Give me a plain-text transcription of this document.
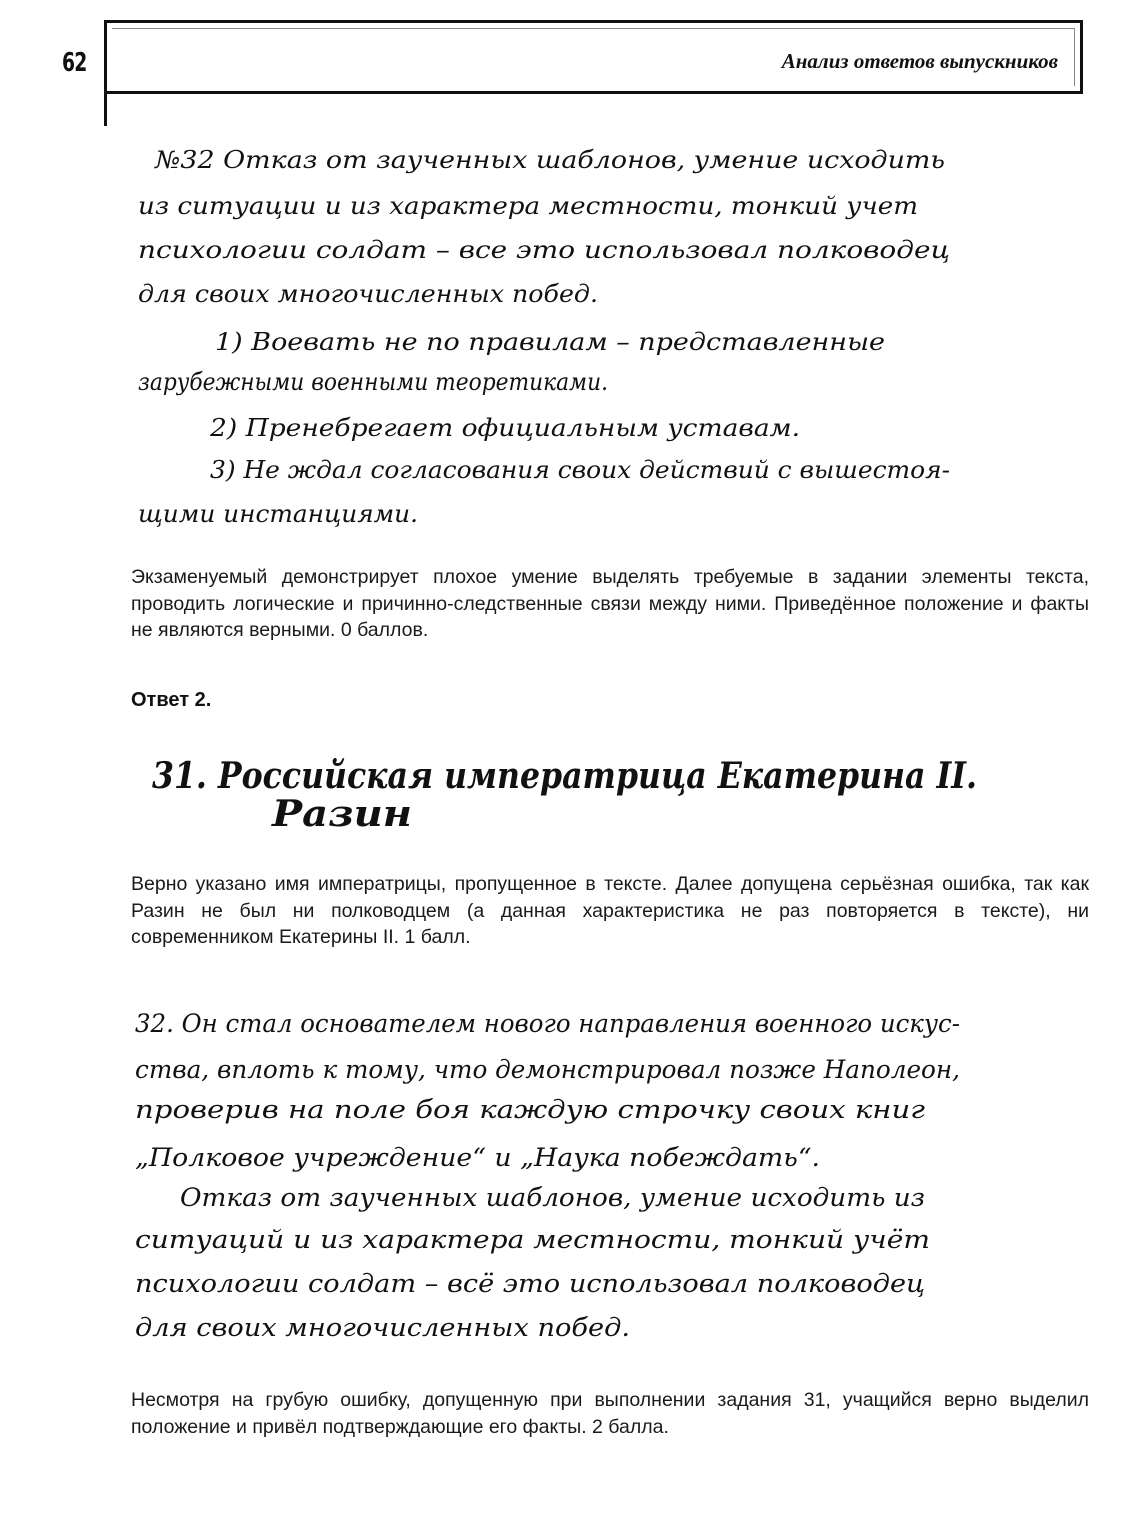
62	Анализ ответов выпускников
№32 Отказ от заученных шаблонов, умение исходить
из ситуации и из характера местности, тонкий учет
психологии солдат – все это использовал полководец
для своих многочисленных побед.
1) Воевать не по правилам – представленные
зарубежными военными теоретиками.
2) Пренебрегает официальным уставам.
3) Не ждал согласования своих действий с вышестоя-
щими инстанциями.
31. Российская императрица Екатерина II.
Разин
32. Он стал основателем нового направления военного искус-
ства, вплоть к тому, что демонстрировал позже Наполеон,
проверив на поле боя каждую строчку своих книг
„Полковое учреждение“ и „Наука побеждать“.
Отказ от заученных шаблонов, умение исходить из
ситуаций и из характера местности, тонкий учёт
психологии солдат – всё это использовал полководец
для своих многочисленных побед.

Экзаменуемый демонстрирует плохое умение выделять требуемые в задании элементы текста, проводить логические и причинно-следственные связи между ними. Приведённое положение и факты не являются верными. 0 баллов.

Ответ 2.

Верно указано имя императрицы, пропущенное в тексте. Далее допущена серьёзная ошибка, так как Разин не был ни полководцем (а данная характеристика не раз повторяется в тексте), ни современником Екатерины II. 1 балл.

Несмотря на грубую ошибку, допущенную при выполнении задания 31, учащийся верно выделил положение и привёл подтверждающие его факты. 2 балла.
